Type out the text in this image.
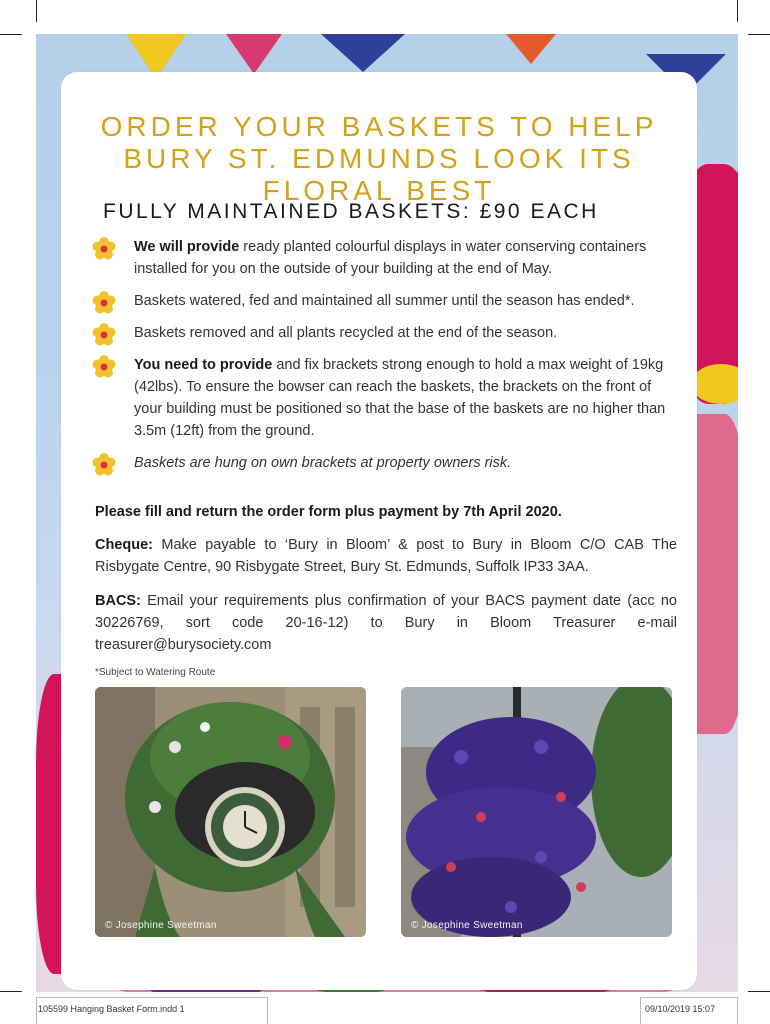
ORDER YOUR BASKETS TO HELP
BURY ST. EDMUNDS LOOK ITS
FLORAL BEST
FULLY MAINTAINED BASKETS: £90 EACH
We will provide ready planted colourful displays in water conserving containers installed for you on the outside of your building at the end of May.
Baskets watered, fed and maintained all summer until the season has ended*.
Baskets removed and all plants recycled at the end of the season.
You need to provide and fix brackets strong enough to hold a max weight of 19kg (42lbs). To ensure the bowser can reach the baskets, the brackets on the front of your building must be positioned so that the base of the baskets are no higher than 3.5m (12ft) from the ground.
Baskets are hung on own brackets at property owners risk.
Please fill and return the order form plus payment by 7th April 2020.
Cheque: Make payable to ‘Bury in Bloom’ & post to Bury in Bloom C/O CAB The Risbygate Centre, 90 Risbygate Street, Bury St. Edmunds, Suffolk IP33 3AA.
BACS: Email your requirements plus confirmation of your BACS payment date (acc no 30226769, sort code 20-16-12) to Bury in Bloom Treasurer e-mail treasurer@burysociety.com
*Subject to Watering Route
© Josephine Sweetman	© Josephine Sweetman
105599 Hanging Basket Form.indd 1	09/10/2019 15:07
